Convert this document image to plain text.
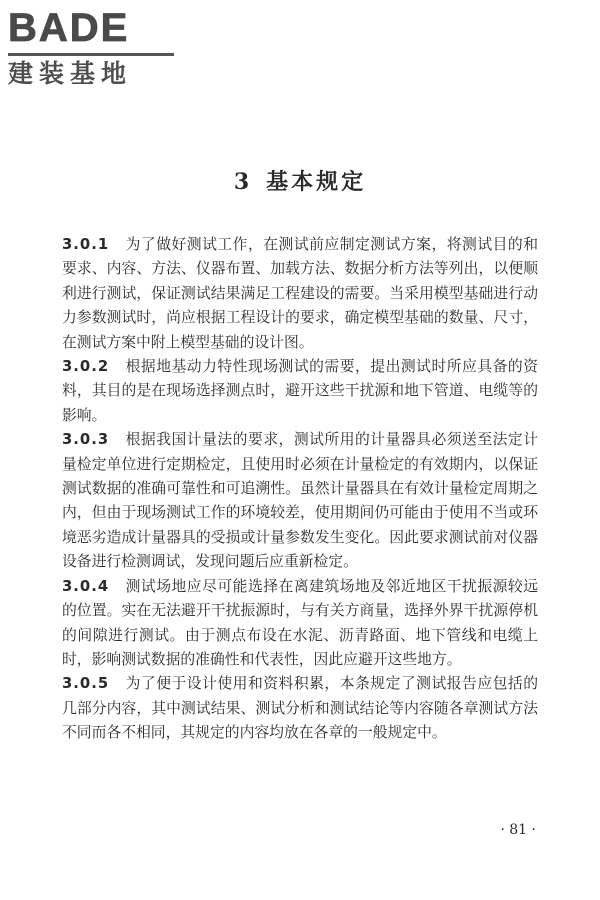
BADE
建装基地
3 基本规定

3.0.1 为了做好测试工作，在测试前应制定测试方案，将测试目的和要求、内容、方法、仪器布置、加载方法、数据分析方法等列出，以便顺利进行测试，保证测试结果满足工程建设的需要。当采用模型基础进行动力参数测试时，尚应根据工程设计的要求，确定模型基础的数量、尺寸，在测试方案中附上模型基础的设计图。

3.0.2 根据地基动力特性现场测试的需要，提出测试时所应具备的资料，其目的是在现场选择测点时，避开这些干扰源和地下管道、电缆等的影响。

3.0.3 根据我国计量法的要求，测试所用的计量器具必须送至法定计量检定单位进行定期检定，且使用时必须在计量检定的有效期内，以保证测试数据的准确可靠性和可追溯性。虽然计量器具在有效计量检定周期之内，但由于现场测试工作的环境较差，使用期间仍可能由于使用不当或环境恶劣造成计量器具的受损或计量参数发生变化。因此要求测试前对仪器设备进行检测调试，发现问题后应重新检定。

3.0.4 测试场地应尽可能选择在离建筑场地及邻近地区干扰振源较远的位置。实在无法避开干扰振源时，与有关方商量，选择外界干扰源停机的间隙进行测试。由于测点布设在水泥、沥青路面、地下管线和电缆上时，影响测试数据的准确性和代表性，因此应避开这些地方。

3.0.5 为了便于设计使用和资料积累，本条规定了测试报告应包括的几部分内容，其中测试结果、测试分析和测试结论等内容随各章测试方法不同而各不相同，其规定的内容均放在各章的一般规定中。

· 81 ·
